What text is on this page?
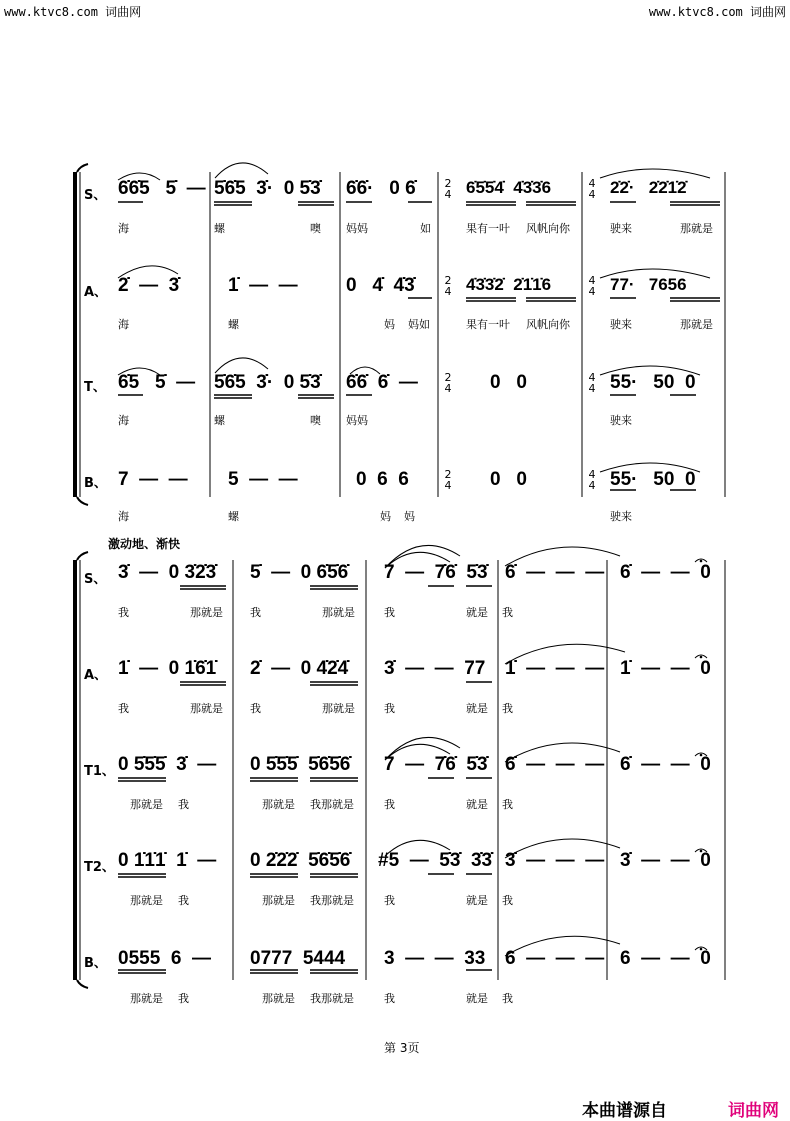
www.ktvc8.com 词曲网	www.ktvc8.com 词曲网
S、
A、
T、
B、
2
4
4
4
2
4
4
4
2
4
4
4
2
4
4
4
6̇6̇5   5̇  — 5̇6̇5  3̇·  0 5̇3̇ 6̇6̇·   0 6̇	6̇5̇5̇4̇  4̇3̇3̇6	2̇2̇·   2̇2̇1̇2̇
2̇  —  3̇	1̇  —  —	0   4̇  4̇3̇	4̇3̇3̇2̇  2̇1̇1̇6	77·   7656
6̇5   5̇  — 5̇6̇5  3̇·  0 5̇3̇ 6̇6̇  6̇  —	0   0	55·   50  0
7  —  — 5  —  —	0  6  6	0   0	55·   50  0
海	螺	噢 妈妈	如	果有一叶 风帆向你	驶来	那就是
海	螺	妈 妈如	果有一叶 风帆向你	驶来	那就是
海	螺	噢 妈妈	驶来
海	螺	妈 妈	驶来
激动地、渐快
S、
A、
T1、
T2、
B、
3̇  —  0 3̇2̇3̇ 5̇  —  0 6̇5̇6̇ 7  —  7̇6̇  5̇3̇ 6̇  —  —  — 6̇  —  —  0
1̇  —  0 1̇6̇1̇ 2̇  —  0 4̇2̇4̇ 3̇  —  —  77 1̇  —  —  — 1̇  —  —  0
0 5̇5̇5̇  3̇  — 0 5̇5̇5̇  5̇6̇5̇6̇ 7  —  7̇6̇  5̇3̇ 6̇  —  —  — 6̇  —  —  0
0 1̇1̇1̇  1̇  — 0 2̇2̇2̇  5̇6̇5̇6̇ #5  —  5̇3̇  3̇3̇ 3̇  —  —  — 3̇  —  —  0
0555  6  — 0777  5444 3  —  —  33 6  —  —  — 6  —  —  0
我	那就是 我	那就是	我	就是 我
我	那就是 我	那就是	我	就是 我
那就是 我	那就是 我那就是	我	就是 我
那就是 我	那就是 我那就是	我	就是 我
那就是 我	那就是 我那就是	我	就是 我
第 3页
本曲谱源自	词曲网
